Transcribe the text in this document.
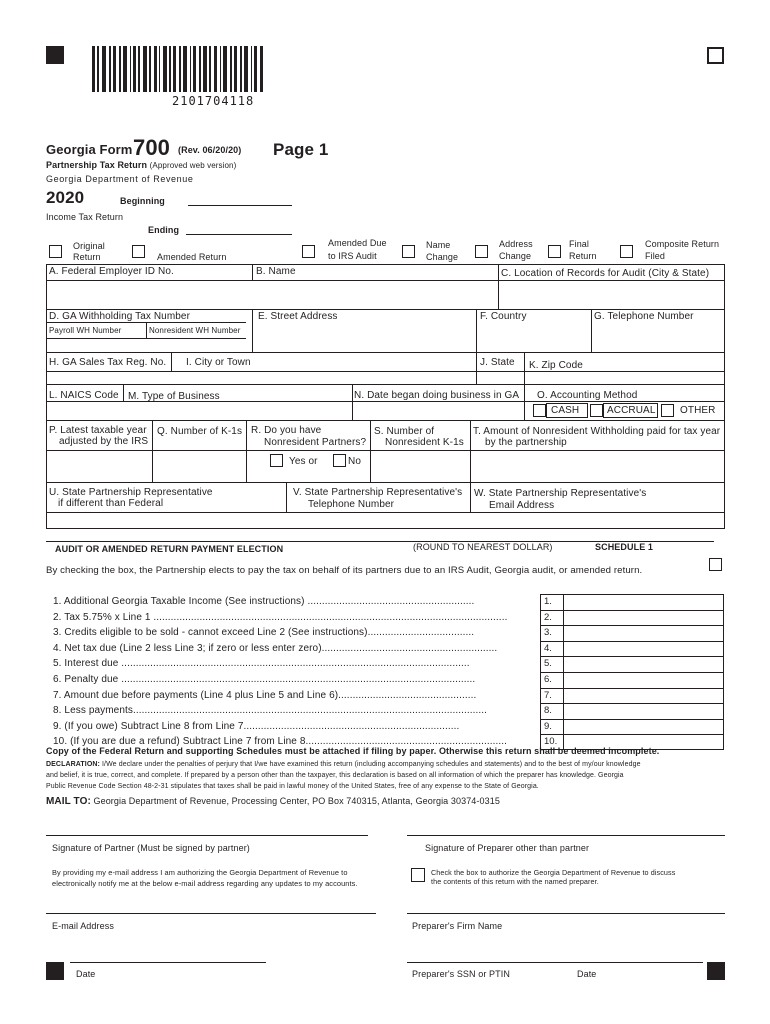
2101704118
Georgia Form 700 (Rev. 06/20/20) Page 1
Partnership Tax Return (Approved web version)
Georgia Department of Revenue
2020	Beginning
Income Tax Return
Ending
Original
Return	Amended Return
Amended Due
to IRS Audit
Name
Change
Address
Change
Final
Return
Composite Return
Filed
A. Federal Employer ID No.	B. Name	C. Location of Records for Audit (City & State)
D. GA Withholding Tax Number
Payroll WH Number	Nonresident WH Number
E. Street Address	F. Country	G. Telephone Number
H. GA Sales Tax Reg. No. I. City or Town	J. State K. Zip Code
L. NAICS Code M. Type of Business	N. Date began doing business in GA O. Accounting Method
CASH	ACCRUAL OTHER
P. Latest taxable year
adjusted by the IRS
Q. Number of K-1s R. Do you have
Nonresident Partners?
Yes or	No
S. Number of
Nonresident K-1s
T. Amount of Nonresident Withholding paid for tax year
by the partnership
U. State Partnership Representative
if different than Federal
V. State Partnership Representative's
Telephone Number
W. State Partnership Representative's
Email Address
AUDIT OR AMENDED RETURN PAYMENT ELECTION	(ROUND TO NEAREST DOLLAR)	SCHEDULE 1
By checking the box, the Partnership elects to pay the tax on behalf of its partners due to an IRS Audit, Georgia audit, or amended return.
1. Additional Georgia Taxable Income (See instructions) ..........................................................	1.
2. Tax 5.75% x Line 1 ...........................................................................................................................	2.
3. Credits eligible to be sold - cannot exceed Line 2 (See instructions).....................................	3.
4. Net tax due (Line 2 less Line 3; if zero or less enter zero).............................................................	4.
5. Interest due .........................................................................................................................	5.
6. Penalty due ...........................................................................................................................	6.
7. Amount due before payments (Line 4 plus Line 5 and Line 6)................................................	7.
8. Less payments...........................................................................................................................	8.
9. (If you owe) Subtract Line 8 from Line 7...........................................................................	9.
10. (If you are due a refund) Subtract Line 7 from Line 8......................................................................	10.
Copy of the Federal Return and supporting Schedules must be attached if filing by paper. Otherwise this return shall be deemed incomplete.
DECLARATION: I/We declare under the penalties of perjury that I/we have examined this return (including accompanying schedules and statements) and to the best of my/our knowledge
and belief, it is true, correct, and complete. If prepared by a person other than the taxpayer, this declaration is based on all information of which the preparer has knowledge. Georgia
Public Revenue Code Section 48-2-31 stipulates that taxes shall be paid in lawful money of the United States, free of any expense to the State of Georgia.
MAIL TO: Georgia Department of Revenue, Processing Center, PO Box 740315, Atlanta, Georgia 30374-0315
Signature of Partner (Must be signed by partner)	Signature of Preparer other than partner
By providing my e-mail address I am authorizing the Georgia Department of Revenue to
electronically notify me at the below e-mail address regarding any updates to my accounts.
Check the box to authorize the Georgia Department of Revenue to discuss
the contents of this return with the named preparer.
E-mail Address	Preparer's Firm Name
Date	Preparer's SSN or PTIN	Date
